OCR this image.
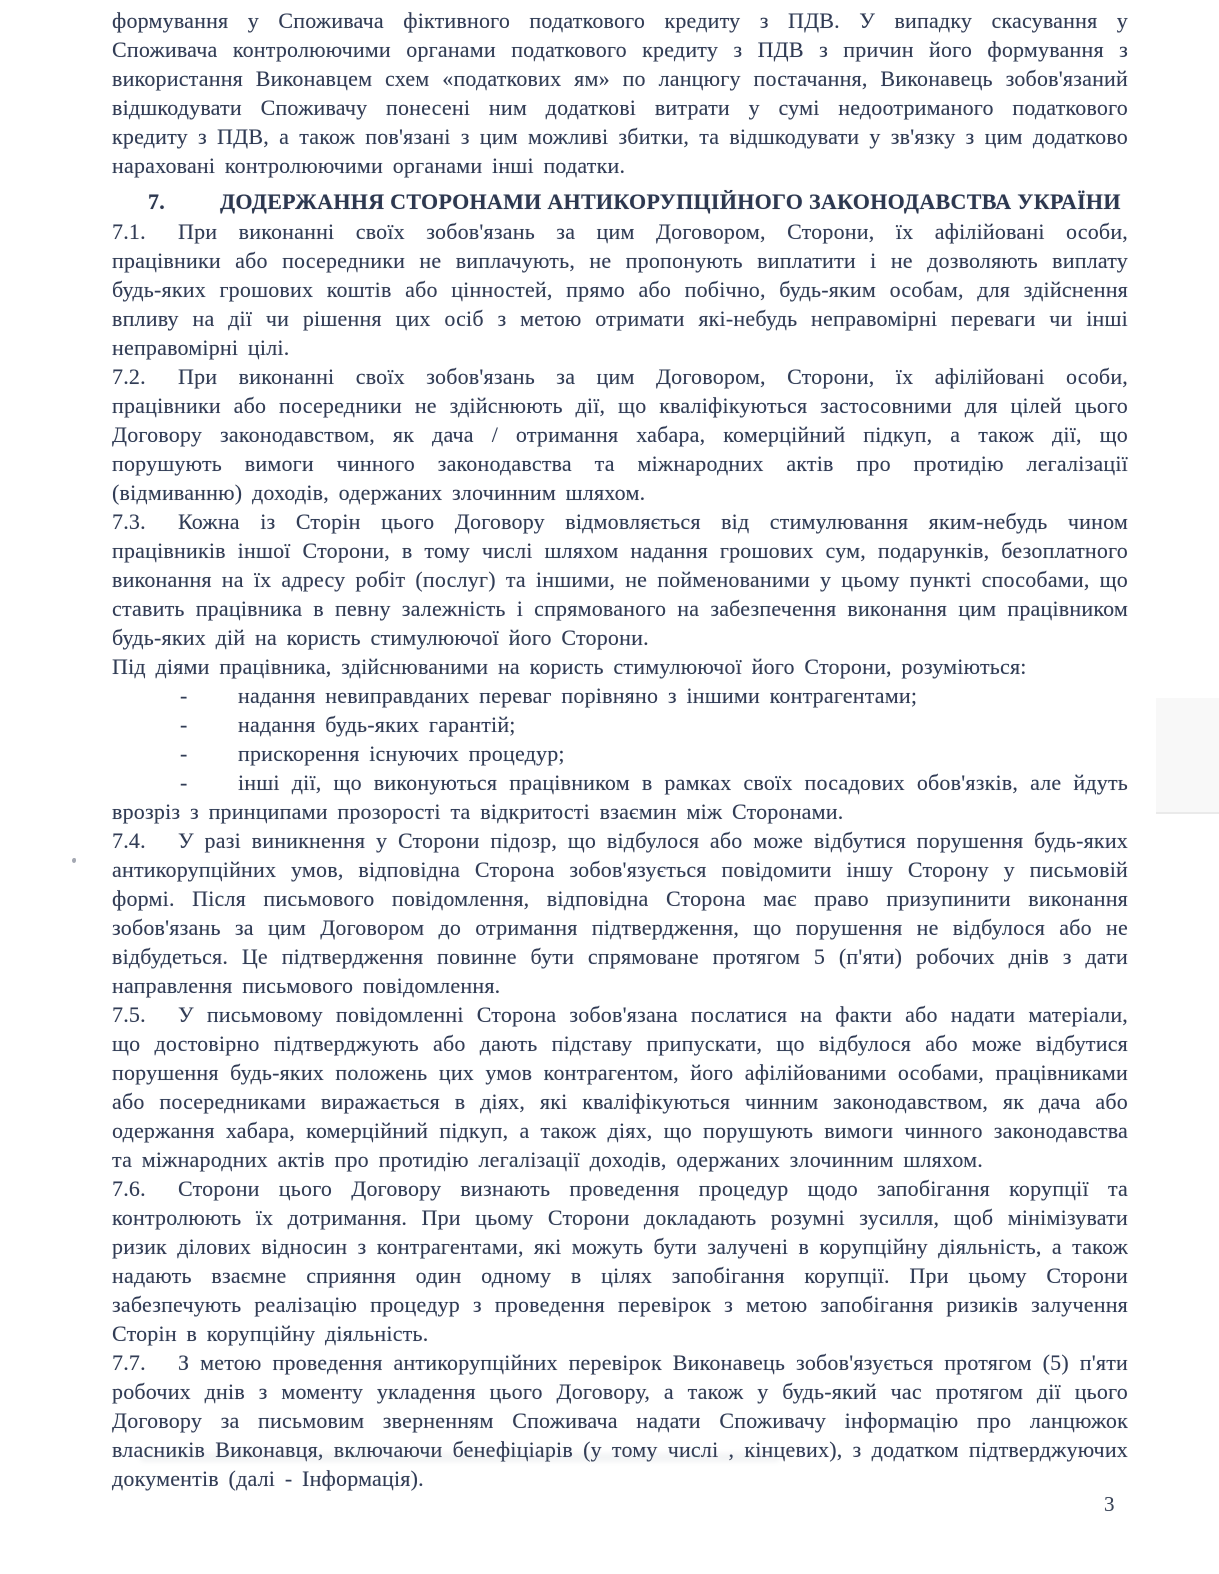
формування у Споживача фіктивного податкового кредиту з ПДВ. У випадку скасування у Споживача контролюючими органами податкового кредиту з ПДВ з причин його формування з використання Виконавцем схем «податкових ям» по ланцюгу постачання, Виконавець зобов'язаний відшкодувати Споживачу понесені ним додаткові витрати у сумі недоотриманого податкового кредиту з ПДВ, а також пов'язані з цим можливі збитки, та відшкодувати у зв'язку з цим додатково нараховані контролюючими органами інші податки.

7.	ДОДЕРЖАННЯ СТОРОНАМИ АНТИКОРУПЦІЙНОГО ЗАКОНОДАВСТВА УКРАЇНИ

7.1. При виконанні своїх зобов'язань за цим Договором, Сторони, їх афілійовані особи, працівники або посередники не виплачують, не пропонують виплатити і не дозволяють виплату будь-яких грошових коштів або цінностей, прямо або побічно, будь-яким особам, для здійснення впливу на дії чи рішення цих осіб з метою отримати які-небудь неправомірні переваги чи інші неправомірні цілі.

7.2. При виконанні своїх зобов'язань за цим Договором, Сторони, їх афілійовані особи, працівники або посередники не здійснюють дії, що кваліфікуються застосовними для цілей цього Договору законодавством, як дача / отримання хабара, комерційний підкуп, а також дії, що порушують вимоги чинного законодавства та міжнародних актів про протидію легалізації (відмиванню) доходів, одержаних злочинним шляхом.

7.3. Кожна із Сторін цього Договору відмовляється від стимулювання яким-небудь чином працівників іншої Сторони, в тому числі шляхом надання грошових сум, подарунків, безоплатного виконання на їх адресу робіт (послуг) та іншими, не пойменованими у цьому пункті способами, що ставить працівника в певну залежність і спрямованого на забезпечення виконання цим працівником будь-яких дій на користь стимулюючої його Сторони.

Під діями працівника, здійснюваними на користь стимулюючої його Сторони, розуміються:

- надання невиправданих переваг порівняно з іншими контрагентами;

- надання будь-яких гарантій;

- прискорення існуючих процедур;

- інші дії, що виконуються працівником в рамках своїх посадових обов'язків, але йдуть врозріз з принципами прозорості та відкритості взаємин між Сторонами.

7.4. У разі виникнення у Сторони підозр, що відбулося або може відбутися порушення будь-яких антикорупційних умов, відповідна Сторона зобов'язується повідомити іншу Сторону у письмовій формі. Після письмового повідомлення, відповідна Сторона має право призупинити виконання зобов'язань за цим Договором до отримання підтвердження, що порушення не відбулося або не відбудеться. Це підтвердження повинне бути спрямоване протягом 5 (п'яти) робочих днів з дати направлення письмового повідомлення.

7.5. У письмовому повідомленні Сторона зобов'язана послатися на факти або надати матеріали, що достовірно підтверджують або дають підставу припускати, що відбулося або може відбутися порушення будь-яких положень цих умов контрагентом, його афілійованими особами, працівниками або посередниками виражається в діях, які кваліфікуються чинним законодавством, як дача або одержання хабара, комерційний підкуп, а також діях, що порушують вимоги чинного законодавства та міжнародних актів про протидію легалізації доходів, одержаних злочинним шляхом.

7.6. Сторони цього Договору визнають проведення процедур щодо запобігання корупції та контролюють їх дотримання. При цьому Сторони докладають розумні зусилля, щоб мінімізувати ризик ділових відносин з контрагентами, які можуть бути залучені в корупційну діяльність, а також надають взаємне сприяння один одному в цілях запобігання корупції. При цьому Сторони забезпечують реалізацію процедур з проведення перевірок з метою запобігання ризиків залучення Сторін в корупційну діяльність.

7.7. З метою проведення антикорупційних перевірок Виконавець зобов'язується протягом (5) п'яти робочих днів з моменту укладення цього Договору, а також у будь-який час протягом дії цього Договору за письмовим зверненням Споживача надати Споживачу інформацію про ланцюжок власників Виконавця, включаючи бенефіціарів (у тому числі , кінцевих), з додатком підтверджуючих документів (далі - Інформація).

3
